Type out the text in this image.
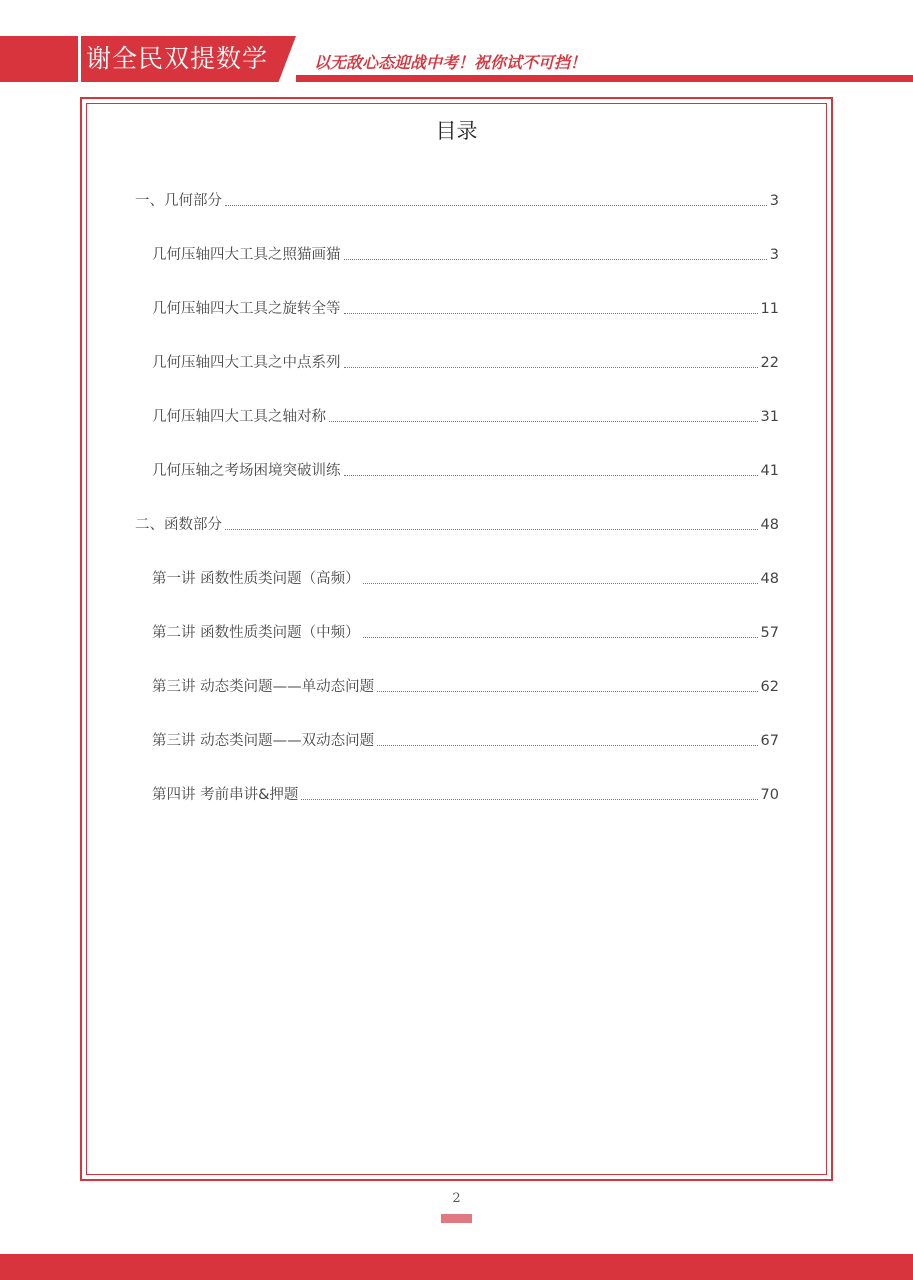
谢全民双提数学	以无敌心态迎战中考！祝你试不可挡！
目录
一、几何部分	3
几何压轴四大工具之照猫画猫	3
几何压轴四大工具之旋转全等	11
几何压轴四大工具之中点系列	22
几何压轴四大工具之轴对称	31
几何压轴之考场困境突破训练	41
二、函数部分	48
第一讲 函数性质类问题（高频）	48
第二讲 函数性质类问题（中频）	57
第三讲 动态类问题——单动态问题	62
第三讲 动态类问题——双动态问题	67
第四讲 考前串讲&押题	70
2
